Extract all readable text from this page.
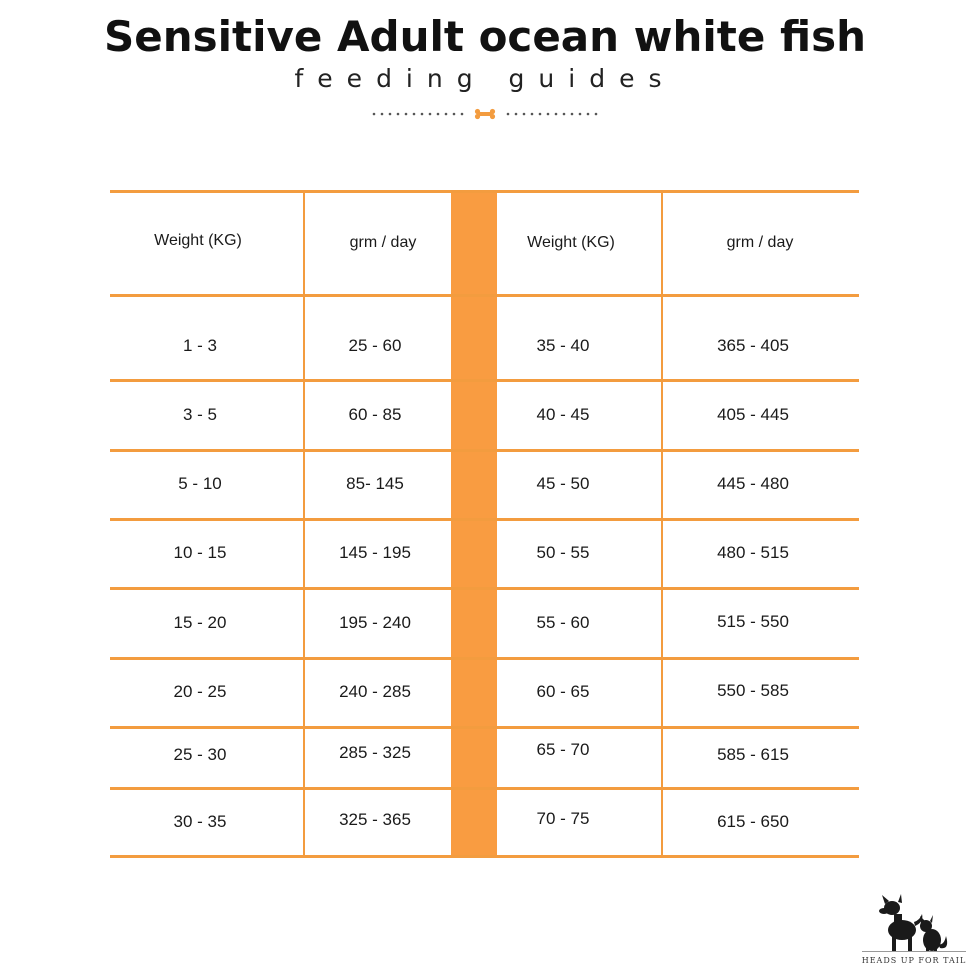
Sensitive Adult ocean white fish
feeding guides
Weight (KG)	grm / day	Weight (KG)	grm / day
1 - 3	25 - 60	35 - 40	365 - 405
3 - 5	60 - 85	40 - 45	405 - 445
5 - 10	85- 145	45 - 50	445 - 480
10 - 15	145 - 195	50 - 55	480 - 515
15 - 20	195 - 240	55 - 60	515 - 550
20 - 25	240 - 285	60 - 65	550 - 585
25 - 30	285 - 325	65 - 70	585 - 615
30 - 35	325 - 365	70 - 75	615 - 650
HEADS UP FOR TAIL
